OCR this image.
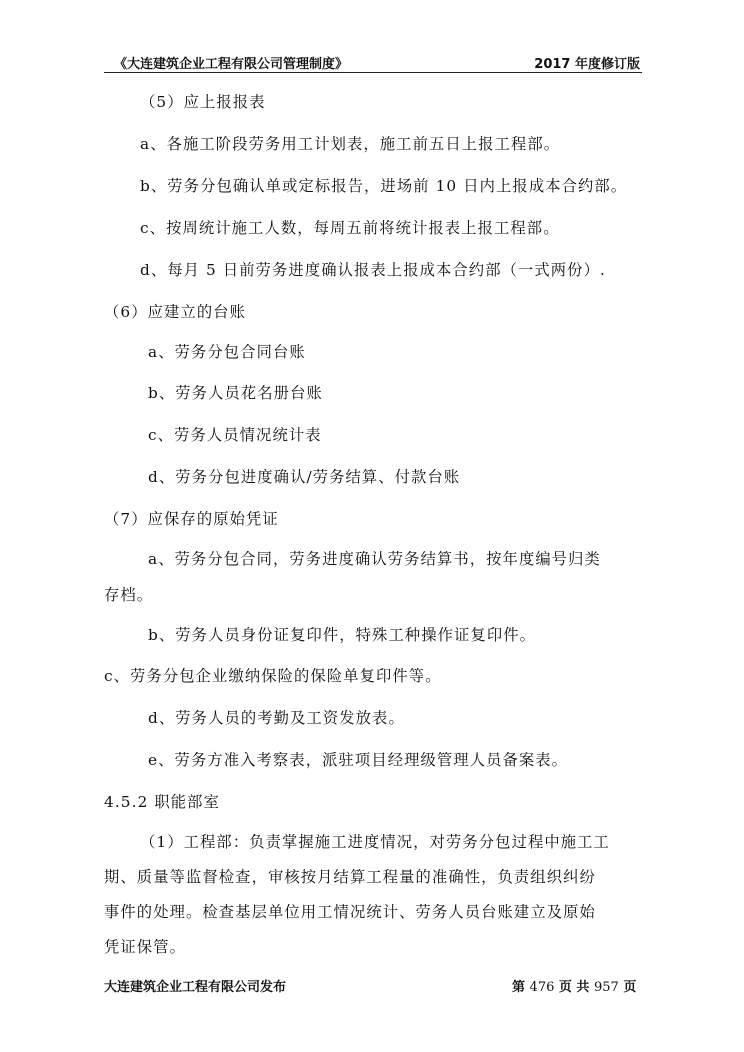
《大连建筑企业工程有限公司管理制度》	2017 年度修订版
（5）应上报报表
a、各施工阶段劳务用工计划表，施工前五日上报工程部。
b、劳务分包确认单或定标报告，进场前 10 日内上报成本合约部。
c、按周统计施工人数，每周五前将统计报表上报工程部。
d、每月 5 日前劳务进度确认报表上报成本合约部（一式两份）.
（6）应建立的台账
a、劳务分包合同台账
b、劳务人员花名册台账
c、劳务人员情况统计表
d、劳务分包进度确认/劳务结算、付款台账
（7）应保存的原始凭证
a、劳务分包合同，劳务进度确认劳务结算书，按年度编号归类
存档。
b、劳务人员身份证复印件，特殊工种操作证复印件。
c、劳务分包企业缴纳保险的保险单复印件等。
d、劳务人员的考勤及工资发放表。
e、劳务方准入考察表，派驻项目经理级管理人员备案表。
4.5.2 职能部室
（1）工程部：负责掌握施工进度情况，对劳务分包过程中施工工
期、质量等监督检查，审核按月结算工程量的准确性，负责组织纠纷
事件的处理。检查基层单位用工情况统计、劳务人员台账建立及原始
凭证保管。
大连建筑企业工程有限公司发布	第 476 页 共 957 页
